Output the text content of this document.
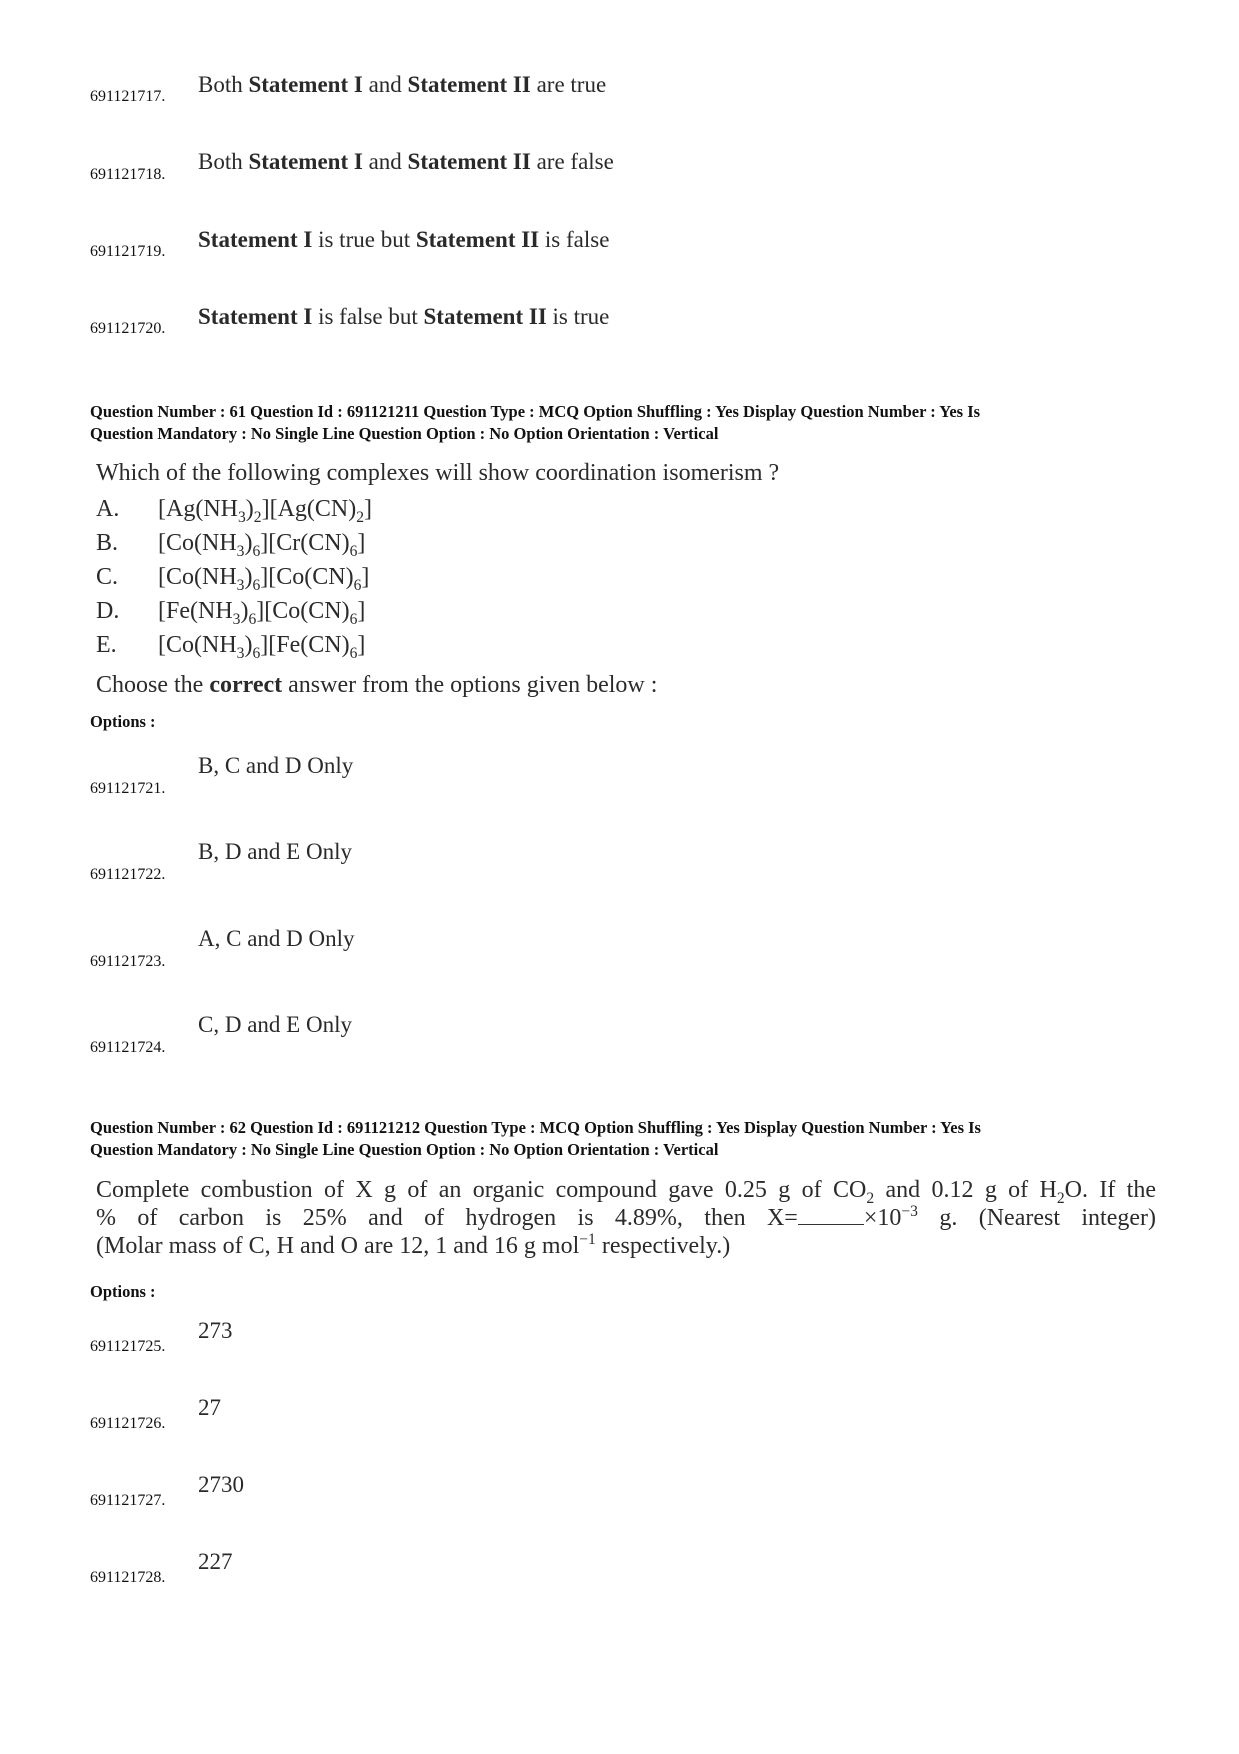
691121717. Both Statement I and Statement II are true
691121718.
Both Statement I and Statement II are false
691121719. Statement I is true but Statement II is false
691121720. Statement I is false but Statement II is true
Question Number : 61 Question Id : 691121211 Question Type : MCQ Option Shuffling : Yes Display Question Number : Yes Is
Question Mandatory : No Single Line Question Option : No Option Orientation : Vertical
Which of the following complexes will show coordination isomerism ?
A. $[Ag(NH_3)_2][Ag(CN)_2]$
B. $[Co(NH_3)_6][Cr(CN)_6]$
C. $[Co(NH_3)_6][Co(CN)_6]$
D. $[Fe(NH_3)_6][Co(CN)_6]$
E. $[Co(NH_3)_6][Fe(CN)_6]$
Choose the correct answer from the options given below :
Options :
691121721.
B, C and D Only
691121722.
B, D and E Only
691121723.
A, C and D Only
691121724.
C, D and E Only
Question Number : 62 Question Id : 691121212 Question Type : MCQ Option Shuffling : Yes Display Question Number : Yes Is
Question Mandatory : No Single Line Question Option : No Option Orientation : Vertical
Complete combustion of X g of an organic compound gave 0.25 g of $CO_2$ and 0.12 g of $H_2O$. If the
% of carbon is 25% and of hydrogen is 4.89%, then X=	$\times 10^{-3}$ g. (Nearest integer)
(Molar mass of C, H and O are 12, 1 and 16 g mol$^{-1}$ respectively.)
Options :
691121725.
273
691121726.
27
691121727.
2730
691121728.
227
